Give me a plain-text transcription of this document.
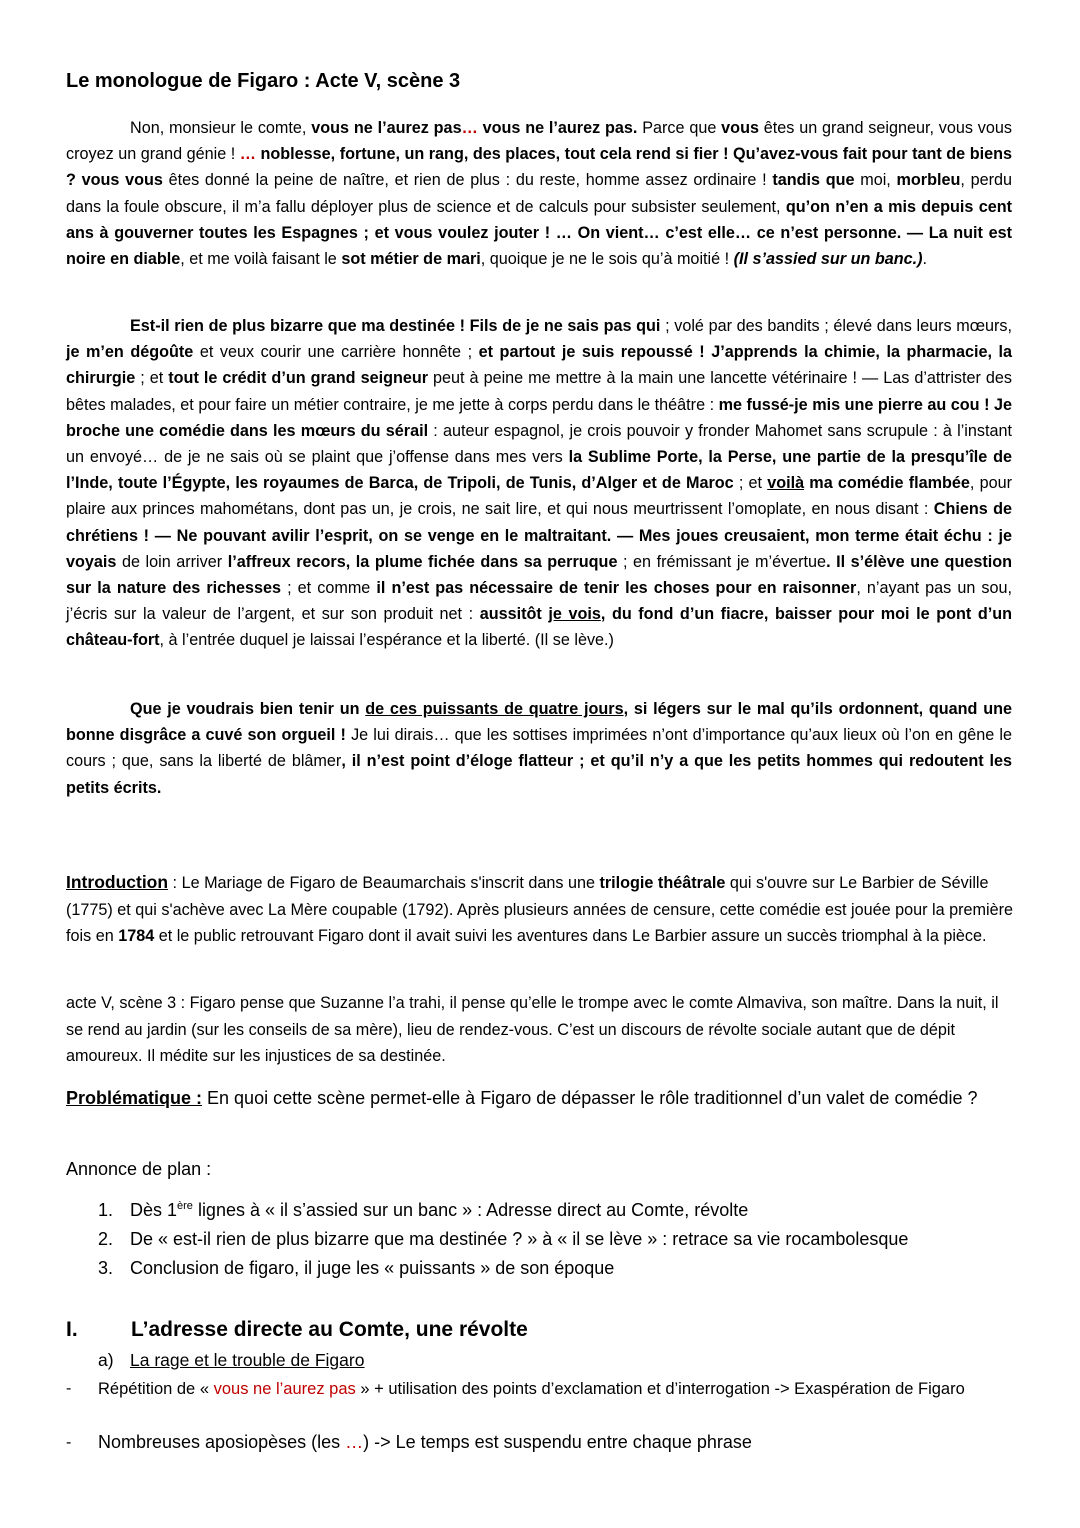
Le monologue de Figaro : Acte V, scène 3

Non, monsieur le comte, vous ne l’aurez pas… vous ne l’aurez pas. Parce que vous êtes un grand seigneur, vous vous croyez un grand génie ! … noblesse, fortune, un rang, des places, tout cela rend si fier ! Qu’avez-vous fait pour tant de biens ? vous vous êtes donné la peine de naître, et rien de plus : du reste, homme assez ordinaire ! tandis que moi, morbleu, perdu dans la foule obscure, il m’a fallu déployer plus de science et de calculs pour subsister seulement, qu’on n’en a mis depuis cent ans à gouverner toutes les Espagnes ; et vous voulez jouter ! … On vient… c’est elle… ce n’est personne. — La nuit est noire en diable, et me voilà faisant le sot métier de mari, quoique je ne le sois qu’à moitié ! (Il s’assied sur un banc.).

Est-il rien de plus bizarre que ma destinée ! Fils de je ne sais pas qui ; volé par des bandits ; élevé dans leurs mœurs, je m’en dégoûte et veux courir une carrière honnête ; et partout je suis repoussé ! J’apprends la chimie, la pharmacie, la chirurgie ; et tout le crédit d’un grand seigneur peut à peine me mettre à la main une lancette vétérinaire ! — Las d’attrister des bêtes malades, et pour faire un métier contraire, je me jette à corps perdu dans le théâtre : me fussé-je mis une pierre au cou ! Je broche une comédie dans les mœurs du sérail : auteur espagnol, je crois pouvoir y fronder Mahomet sans scrupule : à l’instant un envoyé… de je ne sais où se plaint que j’offense dans mes vers la Sublime Porte, la Perse, une partie de la presqu’île de l’Inde, toute l’Égypte, les royaumes de Barca, de Tripoli, de Tunis, d’Alger et de Maroc ; et voilà ma comédie flambée, pour plaire aux princes mahométans, dont pas un, je crois, ne sait lire, et qui nous meurtrissent l’omoplate, en nous disant : Chiens de chrétiens ! — Ne pouvant avilir l’esprit, on se venge en le maltraitant. — Mes joues creusaient, mon terme était échu : je voyais de loin arriver l’affreux recors, la plume fichée dans sa perruque ; en frémissant je m’évertue. Il s’élève une question sur la nature des richesses ; et comme il n’est pas nécessaire de tenir les choses pour en raisonner, n’ayant pas un sou, j’écris sur la valeur de l’argent, et sur son produit net : aussitôt je vois, du fond d’un fiacre, baisser pour moi le pont d’un château-fort, à l’entrée duquel je laissai l’espérance et la liberté. (Il se lève.)

Que je voudrais bien tenir un de ces puissants de quatre jours, si légers sur le mal qu’ils ordonnent, quand une bonne disgrâce a cuvé son orgueil ! Je lui dirais… que les sottises imprimées n’ont d’importance qu’aux lieux où l’on en gêne le cours ; que, sans la liberté de blâmer, il n’est point d’éloge flatteur ; et qu’il n’y a que les petits hommes qui redoutent les petits écrits.

Introduction : Le Mariage de Figaro de Beaumarchais s'inscrit dans une trilogie théâtrale qui s'ouvre sur Le Barbier de Séville (1775) et qui s'achève avec La Mère coupable (1792). Après plusieurs années de censure, cette comédie est jouée pour la première fois en 1784 et le public retrouvant Figaro dont il avait suivi les aventures dans Le Barbier assure un succès triomphal à la pièce.

acte V, scène 3 : Figaro pense que Suzanne l’a trahi, il pense qu’elle le trompe avec le comte Almaviva, son maître. Dans la nuit, il se rend au jardin (sur les conseils de sa mère), lieu de rendez-vous. C’est un discours de révolte sociale autant que de dépit amoureux. Il médite sur les injustices de sa destinée.

Problématique : En quoi cette scène permet-elle à Figaro de dépasser le rôle traditionnel d’un valet de comédie ?

Annonce de plan :

1. Dès 1ère lignes à « il s’assied sur un banc » : Adresse direct au Comte, révolte
2. De « est-il rien de plus bizarre que ma destinée ? » à « il se lève » : retrace sa vie rocambolesque
3. Conclusion de figaro, il juge les « puissants » de son époque
I.	L’adresse directe au Comte, une révolte
a) La rage et le trouble de Figaro
- Répétition de « vous ne l’aurez pas » + utilisation des points d’exclamation et d’interrogation -> Exaspération de Figaro

- Nombreuses aposiopèses (les …) -> Le temps est suspendu entre chaque phrase
